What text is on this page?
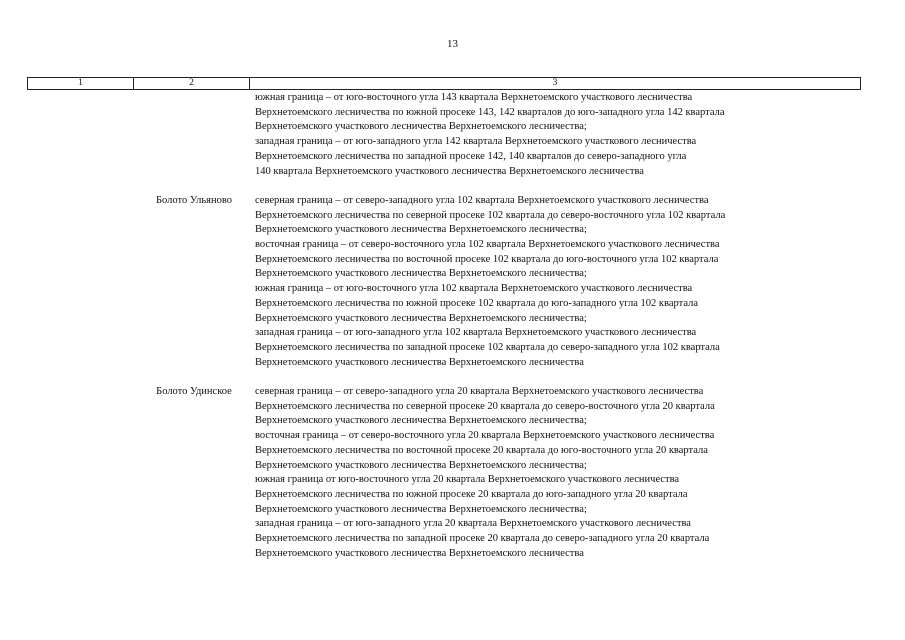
13
1	2	3
южная граница – от юго-восточного угла 143 квартала Верхнетоемского участкового лесничества
Верхнетоемского лесничества по южной просеке 143, 142 кварталов до юго-западного угла 142 квартала
Верхнетоемского участкового лесничества Верхнетоемского лесничества;
западная граница – от юго-западного угла 142 квартала Верхнетоемского участкового лесничества
Верхнетоемского лесничества по западной просеке 142, 140 кварталов до северо-западного угла
140 квартала Верхнетоемского участкового лесничества Верхнетоемского лесничества
Болото Ульяново	северная граница – от северо-западного угла 102 квартала Верхнетоемского участкового лесничества
Верхнетоемского лесничества по северной просеке 102 квартала до северо-восточного угла 102 квартала
Верхнетоемского участкового лесничества Верхнетоемского лесничества;
восточная граница – от северо-восточного угла 102 квартала Верхнетоемского участкового лесничества
Верхнетоемского лесничества по восточной просеке 102 квартала до юго-восточного угла 102 квартала
Верхнетоемского участкового лесничества Верхнетоемского лесничества;
южная граница – от юго-восточного угла 102 квартала Верхнетоемского участкового лесничества
Верхнетоемского лесничества по южной просеке 102 квартала до юго-западного угла 102 квартала
Верхнетоемского участкового лесничества Верхнетоемского лесничества;
западная граница – от юго-западного угла 102 квартала Верхнетоемского участкового лесничества
Верхнетоемского лесничества по западной просеке 102 квартала до северо-западного угла 102 квартала
Верхнетоемского участкового лесничества Верхнетоемского лесничества
Болото Удинское	северная граница – от северо-западного угла 20 квартала Верхнетоемского участкового лесничества
Верхнетоемского лесничества по северной просеке 20 квартала до северо-восточного угла 20 квартала
Верхнетоемского участкового лесничества Верхнетоемского лесничества;
восточная граница – от северо-восточного угла 20 квартала Верхнетоемского участкового лесничества
Верхнетоемского лесничества по восточной просеке 20 квартала до юго-восточного угла 20 квартала
Верхнетоемского участкового лесничества Верхнетоемского лесничества;
южная граница от юго-восточного угла 20 квартала Верхнетоемского участкового лесничества
Верхнетоемского лесничества по южной просеке 20 квартала до юго-западного угла 20 квартала
Верхнетоемского участкового лесничества Верхнетоемского лесничества;
западная граница – от юго-западного угла 20 квартала Верхнетоемского участкового лесничества
Верхнетоемского лесничества по западной просеке 20 квартала до северо-западного угла 20 квартала
Верхнетоемского участкового лесничества Верхнетоемского лесничества
